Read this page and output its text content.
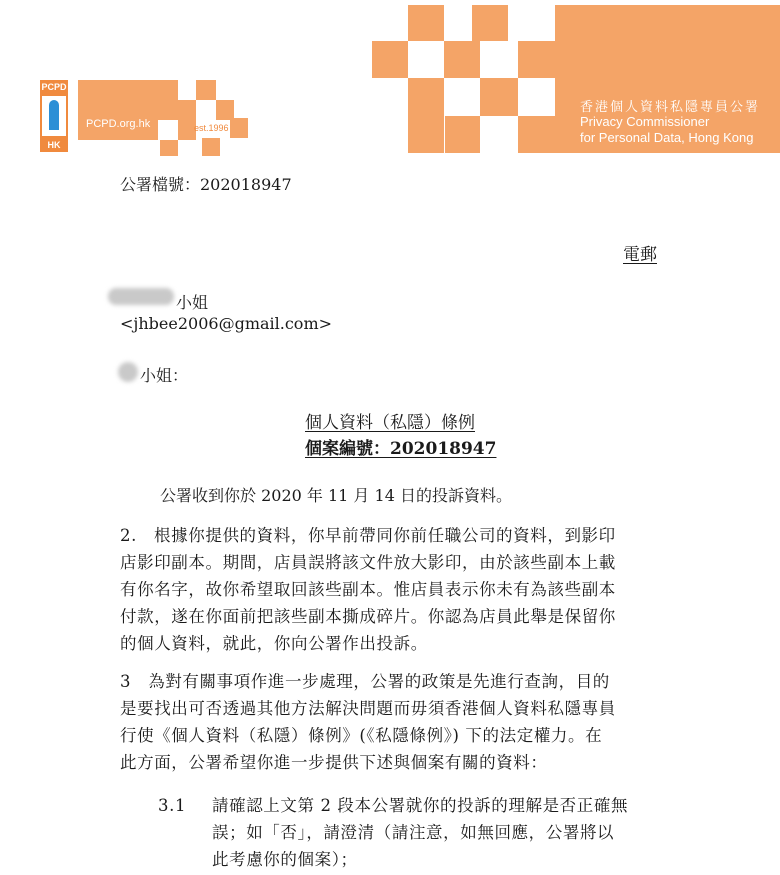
香港個人資料私隱專員公署
Privacy Commissioner
for Personal Data, Hong Kong
PCPD
HK
PCPD.org.hk	est.1996
公署檔號：202018947
電郵
小姐
<jhbee2006@gmail.com>
小姐：
個人資料（私隱）條例
個案編號：202018947
公署收到你於 2020 年 11 月 14 日的投訴資料。
2.　根據你提供的資料，你早前帶同你前任職公司的資料，到影印
店影印副本。期間，店員誤將該文件放大影印，由於該些副本上載
有你名字，故你希望取回該些副本。惟店員表示你未有為該些副本
付款，遂在你面前把該些副本撕成碎片。你認為店員此舉是保留你
的個人資料，就此，你向公署作出投訴。
3　為對有關事項作進一步處理，公署的政策是先進行查詢，目的
是要找出可否透過其他方法解決問題而毋須香港個人資料私隱專員
行使《個人資料（私隱）條例》(《私隱條例》) 下的法定權力。在
此方面，公署希望你進一步提供下述與個案有關的資料：
3.1 請確認上文第 2 段本公署就你的投訴的理解是否正確無
誤；如「否」，請澄清（請注意，如無回應，公署將以
此考慮你的個案）；
